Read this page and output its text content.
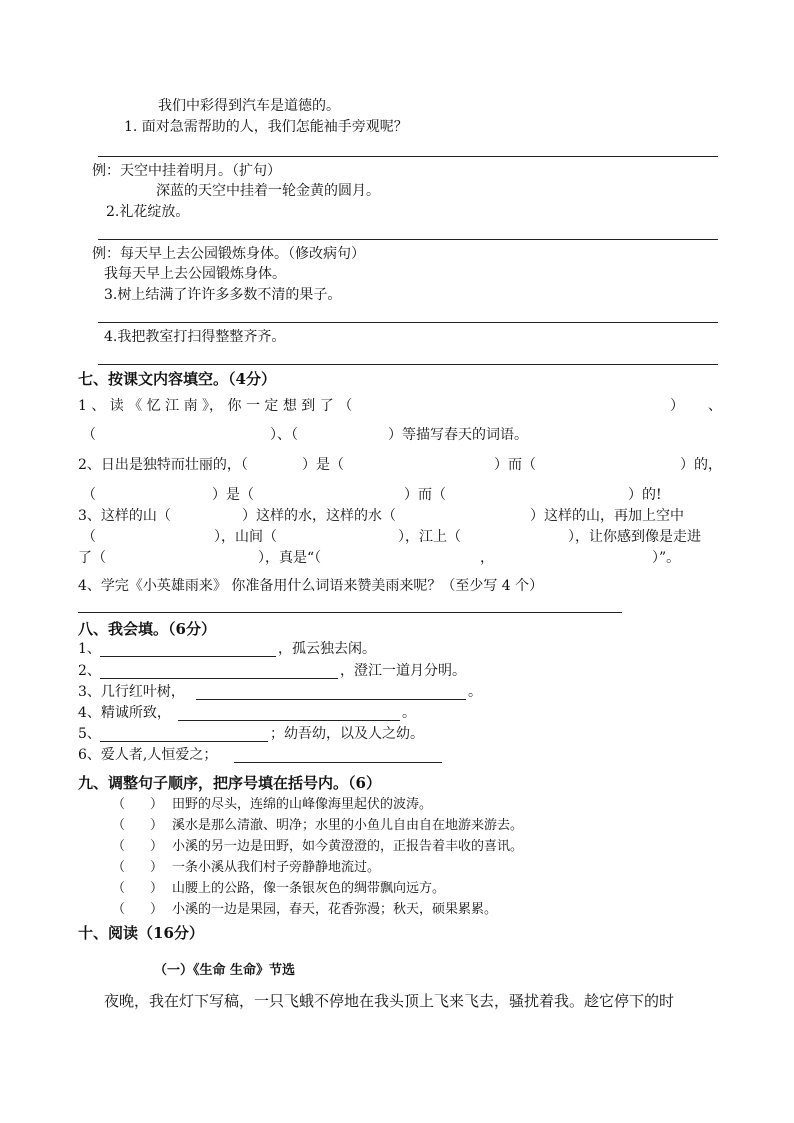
我们中彩得到汽车是道德的。
1. 面对急需帮助的人，我们怎能袖手旁观呢？
例：天空中挂着明月。（扩句）
深蓝的天空中挂着一轮金黄的圆月。
2.礼花绽放。
例：每天早上去公园锻炼身体。（修改病句）
我每天早上去公园锻炼身体。
3.树上结满了许许多多数不清的果子。
4.我把教室打扫得整整齐齐。
七、按课文内容填空。（4分）
1 、 读 《 忆 江 南 》， 你 一 定 想 到 了 （	） 、
（	）、（	）等描写春天的词语。
2、日出是独特而壮丽的，（	）是（	）而（	）的，
（	）是（	）而（	）的!
3、这样的山（	）这样的水，这样的水（	）这样的山，再加上空中
（	），山间（	），江上（	），让你感到像是走进
了（	），真是“（	，	）”。
4、学完《小英雄雨来》 你准备用什么词语来赞美雨来呢？（至少写 4 个）
八、我会填。（6分）
1、	，孤云独去闲。
2、	，澄江一道月分明。
3、几行红叶树，	。
4、精诚所致，	。
5、	；幼吾幼，以及人之幼。
6、爱人者,人恒爱之；
九、调整句子顺序，把序号填在括号内。（6）
（ ） 田野的尽头，连绵的山峰像海里起伏的波涛。
（ ） 溪水是那么清澈、明净；水里的小鱼儿自由自在地游来游去。
（ ） 小溪的另一边是田野，如今黄澄澄的，正报告着丰收的喜讯。
（ ） 一条小溪从我们村子旁静静地流过。
（ ） 山腰上的公路，像一条银灰色的绸带飘向远方。
（ ） 小溪的一边是果园，春天，花香弥漫；秋天，硕果累累。
十、阅读（16分）
（一）《生命 生命》节选
夜晚，我在灯下写稿，一只飞蛾不停地在我头顶上飞来飞去，骚扰着我。趁它停下的时
